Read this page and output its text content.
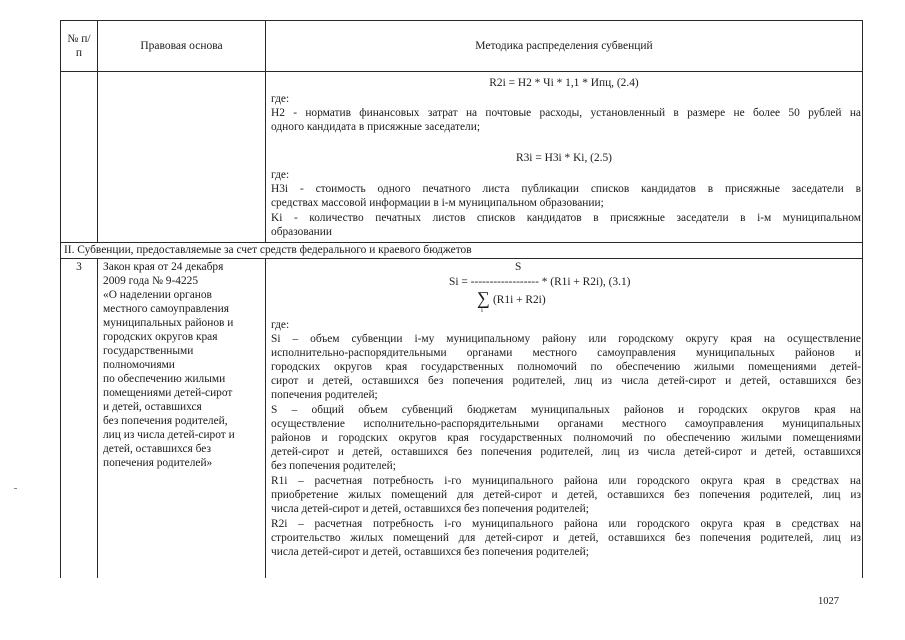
№ п/п
Правовая основа	Методика распределения субвенций
R2i = Н2 * Чi * 1,1 * Ипц, (2.4)
где:
Н2 - норматив финансовых затрат на почтовые расходы, установленный в размере не более 50 рублей на
одного кандидата в присяжные заседатели;
R3i = Н3i * Ki, (2.5)
где:
Н3i - стоимость одного печатного листа публикации списков кандидатов в присяжные заседатели в
средствах массовой информации в i-м муниципальном образовании;
Ki - количество печатных листов списков кандидатов в присяжные заседатели в i-м муниципальном
образовании
II. Субвенции, предоставляемые за счет средств федерального и краевого бюджетов
3	Закон края от 24 декабря
2009 года № 9-4225
«О наделении органов
местного самоуправления
муниципальных районов и
городских округов края
государственными
полномочиями
по обеспечению жилыми
помещениями детей-сирот
и детей, оставшихся
без попечения родителей,
лиц из числа детей-сирот и
детей, оставшихся без
попечения родителей»
S
Si = ------------------ * (R1i + R2i), (3.1)
∑ (R1i + R2i)
i
где:
Si – объем субвенции i-му муниципальному району или городскому округу края на осуществление
исполнительно-распорядительными органами местного самоуправления муниципальных районов и
городских округов края государственных полномочий по обеспечению жилыми помещениями детей-
сирот и детей, оставшихся без попечения родителей, лиц из числа детей-сирот и детей, оставшихся без
попечения родителей;
S – общий объем субвенций бюджетам муниципальных районов и городских округов края на
осуществление исполнительно-распорядительными органами местного самоуправления муниципальных
районов и городских округов края государственных полномочий по обеспечению жилыми помещениями
детей-сирот и детей, оставшихся без попечения родителей, лиц из числа детей-сирот и детей, оставшихся
без попечения родителей;
R1i – расчетная потребность i-го муниципального района или городского округа края в средствах на
приобретение жилых помещений для детей-сирот и детей, оставшихся без попечения родителей, лиц из
числа детей-сирот и детей, оставшихся без попечения родителей;
R2i – расчетная потребность i-го муниципального района или городского округа края в средствах на
строительство жилых помещений для детей-сирот и детей, оставшихся без попечения родителей, лиц из
числа детей-сирот и детей, оставшихся без попечения родителей;
1027
